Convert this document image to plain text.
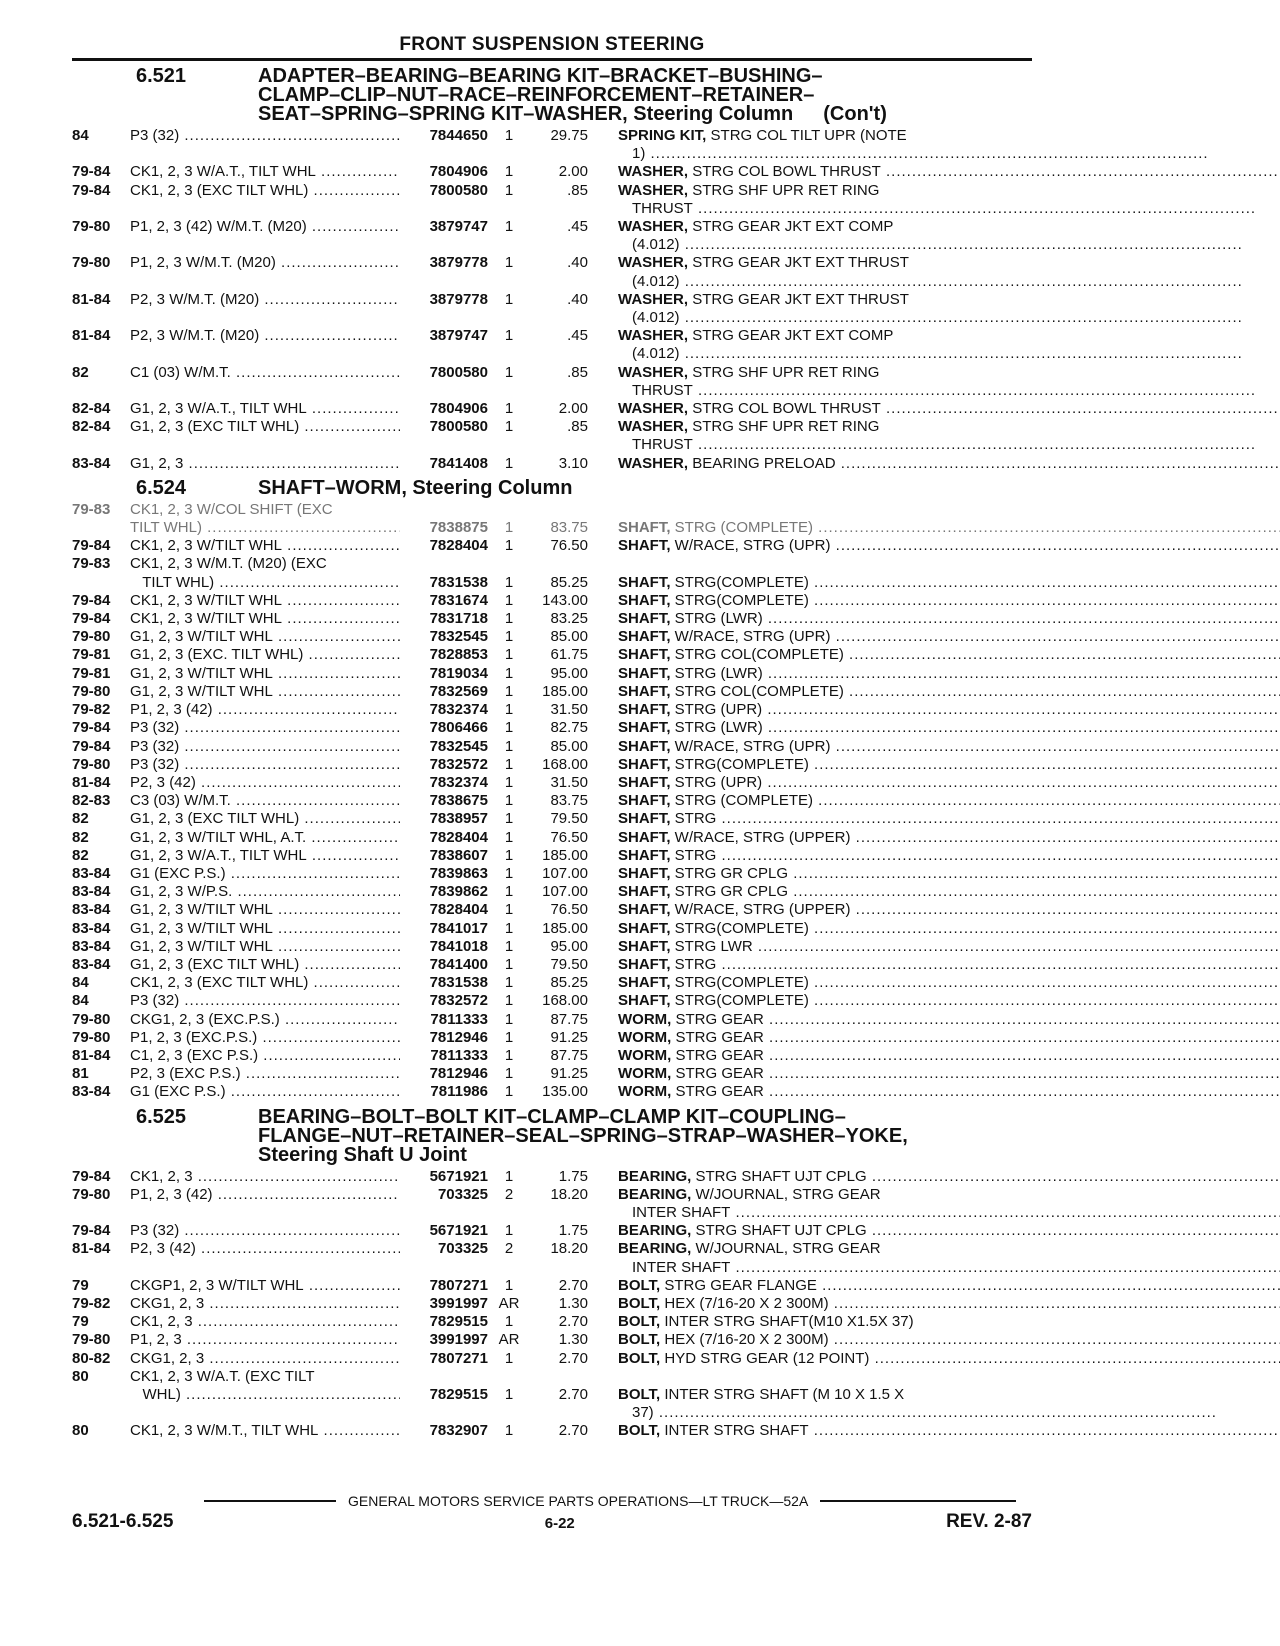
FRONT SUSPENSION STEERING
6.521	ADAPTER–BEARING–BEARING KIT–BRACKET–BUSHING–
CLAMP–CLIP–NUT–RACE–REINFORCEMENT–RETAINER–
SEAT–SPRING–SPRING KIT–WASHER, Steering Column (Con't)
84	P3 (32) .....	7844650	1	29.75 SPRING KIT, STRG COL TILT UPR (NOTE
1) .....
79-84	CK1, 2, 3 W/A.T., TILT WHL .....	7804906	1	2.00 WASHER, STRG COL BOWL THRUST .....
79-84	CK1, 2, 3 (EXC TILT WHL) .....	7800580	1	.85 WASHER, STRG SHF UPR RET RING
THRUST .....
79-80	P1, 2, 3 (42) W/M.T. (M20) .....	3879747	1	.45 WASHER, STRG GEAR JKT EXT COMP
(4.012) .....
79-80	P1, 2, 3 W/M.T. (M20) .....	3879778	1	.40 WASHER, STRG GEAR JKT EXT THRUST
(4.012) .....
81-84	P2, 3 W/M.T. (M20) .....	3879778	1	.40 WASHER, STRG GEAR JKT EXT THRUST
(4.012) .....
81-84	P2, 3 W/M.T. (M20) .....	3879747	1	.45 WASHER, STRG GEAR JKT EXT COMP
(4.012) .....
82	C1 (03) W/M.T. .....	7800580	1	.85 WASHER, STRG SHF UPR RET RING
THRUST .....
82-84	G1, 2, 3 W/A.T., TILT WHL .....	7804906	1	2.00 WASHER, STRG COL BOWL THRUST .....
82-84	G1, 2, 3 (EXC TILT WHL) .....	7800580	1	.85 WASHER, STRG SHF UPR RET RING
THRUST .....
83-84	G1, 2, 3 .....	7841408	1	3.10 WASHER, BEARING PRELOAD .....
6.524	SHAFT–WORM, Steering Column
79-83	CK1, 2, 3 W/COL SHIFT (EXC
TILT WHL) .....	7838875	1	83.75 SHAFT, STRG (COMPLETE) .....
79-84	CK1, 2, 3 W/TILT WHL .....	7828404	1	76.50 SHAFT, W/RACE, STRG (UPR) .....
79-83	CK1, 2, 3 W/M.T. (M20) (EXC
TILT WHL) .....	7831538	1	85.25 SHAFT, STRG(COMPLETE) .....
79-84	CK1, 2, 3 W/TILT WHL .....	7831674	1	143.00 SHAFT, STRG(COMPLETE) .....
79-84	CK1, 2, 3 W/TILT WHL .....	7831718	1	83.25 SHAFT, STRG (LWR) .....
79-80	G1, 2, 3 W/TILT WHL .....	7832545	1	85.00 SHAFT, W/RACE, STRG (UPR) .....
79-81	G1, 2, 3 (EXC. TILT WHL) .....	7828853	1	61.75 SHAFT, STRG COL(COMPLETE) .....
79-81	G1, 2, 3 W/TILT WHL .....	7819034	1	95.00 SHAFT, STRG (LWR) .....
79-80	G1, 2, 3 W/TILT WHL .....	7832569	1	185.00 SHAFT, STRG COL(COMPLETE) .....
79-82	P1, 2, 3 (42) .....	7832374	1	31.50 SHAFT, STRG (UPR) .....
79-84	P3 (32) .....	7806466	1	82.75 SHAFT, STRG (LWR) .....
79-84	P3 (32) .....	7832545	1	85.00 SHAFT, W/RACE, STRG (UPR) .....
79-80	P3 (32) .....	7832572	1	168.00 SHAFT, STRG(COMPLETE) .....
81-84	P2, 3 (42) .....	7832374	1	31.50 SHAFT, STRG (UPR) .....
82-83	C3 (03) W/M.T. .....	7838675	1	83.75 SHAFT, STRG (COMPLETE) .....
82	G1, 2, 3 (EXC TILT WHL) .....	7838957	1	79.50 SHAFT, STRG .....
82	G1, 2, 3 W/TILT WHL, A.T. .....	7828404	1	76.50 SHAFT, W/RACE, STRG (UPPER) .....
82	G1, 2, 3 W/A.T., TILT WHL .....	7838607	1	185.00 SHAFT, STRG .....
83-84	G1 (EXC P.S.) .....	7839863	1	107.00 SHAFT, STRG GR CPLG .....
83-84	G1, 2, 3 W/P.S. .....	7839862	1	107.00 SHAFT, STRG GR CPLG .....
83-84	G1, 2, 3 W/TILT WHL .....	7828404	1	76.50 SHAFT, W/RACE, STRG (UPPER) .....
83-84	G1, 2, 3 W/TILT WHL .....	7841017	1	185.00 SHAFT, STRG(COMPLETE) .....
83-84	G1, 2, 3 W/TILT WHL .....	7841018	1	95.00 SHAFT, STRG LWR .....
83-84	G1, 2, 3 (EXC TILT WHL) .....	7841400	1	79.50 SHAFT, STRG .....
84	CK1, 2, 3 (EXC TILT WHL) .....	7831538	1	85.25 SHAFT, STRG(COMPLETE) .....
84	P3 (32) .....	7832572	1	168.00 SHAFT, STRG(COMPLETE) .....
79-80	CKG1, 2, 3 (EXC.P.S.) .....	7811333	1	87.75 WORM, STRG GEAR .....
79-80	P1, 2, 3 (EXC.P.S.) .....	7812946	1	91.25 WORM, STRG GEAR .....
81-84	C1, 2, 3 (EXC P.S.) .....	7811333	1	87.75 WORM, STRG GEAR .....
81	P2, 3 (EXC P.S.) .....	7812946	1	91.25 WORM, STRG GEAR .....
83-84	G1 (EXC P.S.) .....	7811986	1	135.00 WORM, STRG GEAR .....
6.525	BEARING–BOLT–BOLT KIT–CLAMP–CLAMP KIT–COUPLING–
FLANGE–NUT–RETAINER–SEAL–SPRING–STRAP–WASHER–YOKE,
Steering Shaft U Joint
79-84	CK1, 2, 3 .....	5671921	1	1.75 BEARING, STRG SHAFT UJT CPLG .....
79-80	P1, 2, 3 (42) .....	703325	2	18.20 BEARING, W/JOURNAL, STRG GEAR
INTER SHAFT .....
79-84	P3 (32) .....	5671921	1	1.75 BEARING, STRG SHAFT UJT CPLG .....
81-84	P2, 3 (42) .....	703325	2	18.20 BEARING, W/JOURNAL, STRG GEAR
INTER SHAFT .....
79	CKGP1, 2, 3 W/TILT WHL .....	7807271	1	2.70 BOLT, STRG GEAR FLANGE .....
79-82	CKG1, 2, 3 .....	3991997 AR	1.30 BOLT, HEX (7/16-20 X 2 300M) .....
79	CK1, 2, 3 .....	7829515	1	2.70 BOLT, INTER STRG SHAFT(M10 X1.5X 37)
79-80	P1, 2, 3 .....	3991997 AR	1.30 BOLT, HEX (7/16-20 X 2 300M) .....
80-82	CKG1, 2, 3 .....	7807271	1	2.70 BOLT, HYD STRG GEAR (12 POINT) .....
80	CK1, 2, 3 W/A.T. (EXC TILT
WHL) .....	7829515	1	2.70 BOLT, INTER STRG SHAFT (M 10 X 1.5 X
37) .....
80	CK1, 2, 3 W/M.T., TILT WHL .....	7832907	1	2.70 BOLT, INTER STRG SHAFT .....
GENERAL MOTORS SERVICE PARTS OPERATIONS—LT TRUCK—52A
6.521-6.525	6-22	REV. 2-87
